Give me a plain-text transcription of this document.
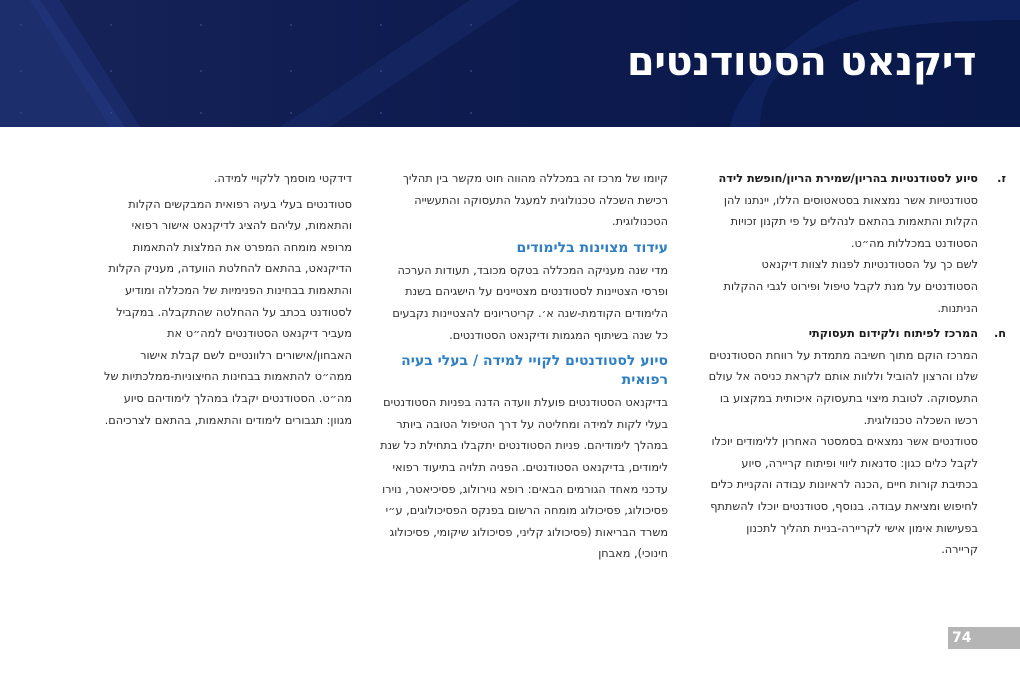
דיקנאט הסטודנטים
ז.
סיוע לסטודנטיות בהריון/שמירת הריון/חופשת לידה

סטודנטיות אשר נמצאות בסטאטוסים הללו, יינתנו להן הקלות והתאמות בהתאם לנהלים על פי תקנון זכויות הסטודנט במכללות מה״ט.

לשם כך על הסטודנטיות לפנות לצוות דיקנאט הסטודנטים על מנת לקבל טיפול ופירוט לגבי ההקלות הניתנות.

ח.
המרכז לפיתוח ולקידום תעסוקתי

המרכז הוקם מתוך חשיבה מתמדת על רווחת הסטודנטים שלנו והרצון להוביל וללוות אותם לקראת כניסה אל עולם התעסוקה. לטובת מיצוי בתעסוקה איכותית במקצוע בו רכשו השכלה טכנולוגית.

סטודנטים אשר נמצאים בסמסטר האחרון ללימודים יוכלו לקבל כלים כגון: סדנאות ליווי ופיתוח קריירה, סיוע בכתיבת קורות חיים ,הכנה לראיונות עבודה והקניית כלים לחיפוש ומציאת עבודה. בנוסף, סטודנטים יוכלו להשתתף בפעישות אימון אישי לקריירה-בניית תהליך לתכנון קריירה.

קיומו של מרכז זה במכללה מהווה חוט מקשר בין תהליך רכישת השכלה טכנולוגית למעגל התעסוקה והתעשייה הטכנולוגית.

עידוד מצוינות בלימודים

מדי שנה מעניקה המכללה בטקס מכובד, תעודות הערכה ופרסי הצטיינות לסטודנטים מצטיינים על הישגיהם בשנת הלימודים הקודמת-שנה א׳. קריטריונים להצטיינות נקבעים כל שנה בשיתוף המגמות ודיקנאט הסטודנטים.

סיוע לסטודנטים לקויי למידה / בעלי בעיה רפואית

בדיקנאט הסטודנטים פועלת וועדה הדנה בפניות הסטודנטים בעלי לקות למידה ומחליטה על דרך הטיפול הטובה ביותר במהלך לימודיהם. פניות הסטודנטים יתקבלו בתחילת כל שנת לימודים, בדיקנאט הסטודנטים. הפניה תלויה בתיעוד רפואי עדכני מאחד הגורמים הבאים: רופא נוירולוג, פסיכיאטר, נוירו פסיכולוג, פסיכולוג מומחה הרשום בפנקס הפסיכולוגים, ע״י משרד הבריאות (פסיכולוג קליני, פסיכולוג שיקומי, פסיכולוג חינוכי), מאבחן

דידקטי מוסמך ללקויי למידה.

סטודנטים בעלי בעיה רפואית המבקשים הקלות והתאמות, עליהם להציג לדיקנאט אישור רפואי מרופא מומחה המפרט את המלצות להתאמות הדיקנאט, בהתאם להחלטת הוועדה, מעניק הקלות והתאמות בבחינות הפנימיות של המכללה ומודיע לסטודנט בכתב על ההחלטה שהתקבלה. במקביל מעביר דיקנאט הסטודנטים למה״ט את האבחון/אישורים רלוונטיים לשם קבלת אישור ממה״ט להתאמות בבחינות החיצוניות-ממלכתיות של מה״ט. הסטודנטים יקבלו במהלך לימודיהם סיוע מגוון: תגבורים לימודים והתאמות, בהתאם לצרכיהם.

74
